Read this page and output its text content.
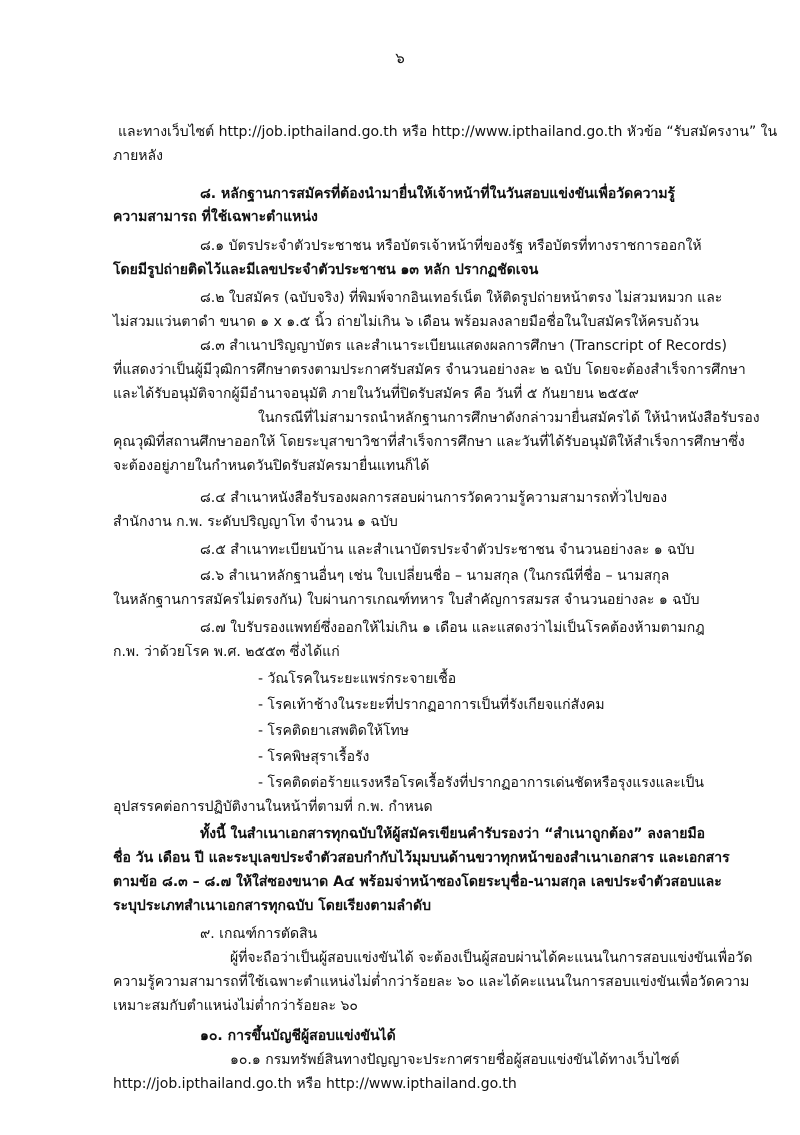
๖
และทางเว็บไซต์ http://job.ipthailand.go.th หรือ http://www.ipthailand.go.th หัวข้อ “รับสมัครงาน” ใน
ภายหลัง
๘. หลักฐานการสมัครที่ต้องนำมายื่นให้เจ้าหน้าที่ในวันสอบแข่งขันเพื่อวัดความรู้
ความสามารถ ที่ใช้เฉพาะตำแหน่ง
๘.๑ บัตรประจำตัวประชาชน หรือบัตรเจ้าหน้าที่ของรัฐ หรือบัตรที่ทางราชการออกให้
โดยมีรูปถ่ายติดไว้และมีเลขประจำตัวประชาชน ๑๓ หลัก ปรากฏชัดเจน
๘.๒ ใบสมัคร (ฉบับจริง) ที่พิมพ์จากอินเทอร์เน็ต ให้ติดรูปถ่ายหน้าตรง ไม่สวมหมวก และ
ไม่สวมแว่นตาดำ ขนาด ๑ x ๑.๕ นิ้ว ถ่ายไม่เกิน ๖ เดือน พร้อมลงลายมือชื่อในใบสมัครให้ครบถ้วน
๘.๓ สำเนาปริญญาบัตร และสำเนาระเบียนแสดงผลการศึกษา (Transcript of Records)
ที่แสดงว่าเป็นผู้มีวุฒิการศึกษาตรงตามประกาศรับสมัคร จำนวนอย่างละ ๒ ฉบับ โดยจะต้องสำเร็จการศึกษา
และได้รับอนุมัติจากผู้มีอำนาจอนุมัติ ภายในวันที่ปิดรับสมัคร คือ วันที่ ๕ กันยายน ๒๕๕๙
ในกรณีที่ไม่สามารถนำหลักฐานการศึกษาดังกล่าวมายื่นสมัครได้ ให้นำหนังสือรับรอง
คุณวุฒิที่สถานศึกษาออกให้ โดยระบุสาขาวิชาที่สำเร็จการศึกษา และวันที่ได้รับอนุมัติให้สำเร็จการศึกษาซึ่ง
จะต้องอยู่ภายในกำหนดวันปิดรับสมัครมายื่นแทนก็ได้
๘.๔ สำเนาหนังสือรับรองผลการสอบผ่านการวัดความรู้ความสามารถทั่วไปของ
สำนักงาน ก.พ. ระดับปริญญาโท จำนวน ๑ ฉบับ
๘.๕ สำเนาทะเบียนบ้าน และสำเนาบัตรประจำตัวประชาชน จำนวนอย่างละ ๑ ฉบับ
๘.๖ สำเนาหลักฐานอื่นๆ เช่น ใบเปลี่ยนชื่อ – นามสกุล (ในกรณีที่ชื่อ – นามสกุล
ในหลักฐานการสมัครไม่ตรงกัน) ใบผ่านการเกณฑ์ทหาร ใบสำคัญการสมรส จำนวนอย่างละ ๑ ฉบับ
๘.๗ ใบรับรองแพทย์ซึ่งออกให้ไม่เกิน ๑ เดือน และแสดงว่าไม่เป็นโรคต้องห้ามตามกฎ
ก.พ. ว่าด้วยโรค พ.ศ. ๒๕๕๓ ซึ่งได้แก่
- วัณโรคในระยะแพร่กระจายเชื้อ
- โรคเท้าช้างในระยะที่ปรากฏอาการเป็นที่รังเกียจแก่สังคม
- โรคติดยาเสพติดให้โทษ
- โรคพิษสุราเรื้อรัง
- โรคติดต่อร้ายแรงหรือโรคเรื้อรังที่ปรากฏอาการเด่นชัดหรือรุงแรงและเป็น
อุปสรรคต่อการปฏิบัติงานในหน้าที่ตามที่ ก.พ. กำหนด
ทั้งนี้ ในสำเนาเอกสารทุกฉบับให้ผู้สมัครเขียนคำรับรองว่า “สำเนาถูกต้อง” ลงลายมือ
ชื่อ วัน เดือน ปี และระบุเลขประจำตัวสอบกำกับไว้มุมบนด้านขวาทุกหน้าของสำเนาเอกสาร และเอกสาร
ตามข้อ ๘.๓ – ๘.๗ ให้ใส่ซองขนาด A๔ พร้อมจ่าหน้าซองโดยระบุชื่อ-นามสกุล เลขประจำตัวสอบและ
ระบุประเภทสำเนาเอกสารทุกฉบับ โดยเรียงตามลำดับ
๙. เกณฑ์การตัดสิน
ผู้ที่จะถือว่าเป็นผู้สอบแข่งขันได้ จะต้องเป็นผู้สอบผ่านได้คะแนนในการสอบแข่งขันเพื่อวัด
ความรู้ความสามารถที่ใช้เฉพาะตำแหน่งไม่ต่ำกว่าร้อยละ ๖๐ และได้คะแนนในการสอบแข่งขันเพื่อวัดความ
เหมาะสมกับตำแหน่งไม่ต่ำกว่าร้อยละ ๖๐
๑๐. การขึ้นบัญชีผู้สอบแข่งขันได้
๑๐.๑ กรมทรัพย์สินทางปัญญาจะประกาศรายชื่อผู้สอบแข่งขันได้ทางเว็บไซต์
http://job.ipthailand.go.th หรือ http://www.ipthailand.go.th
